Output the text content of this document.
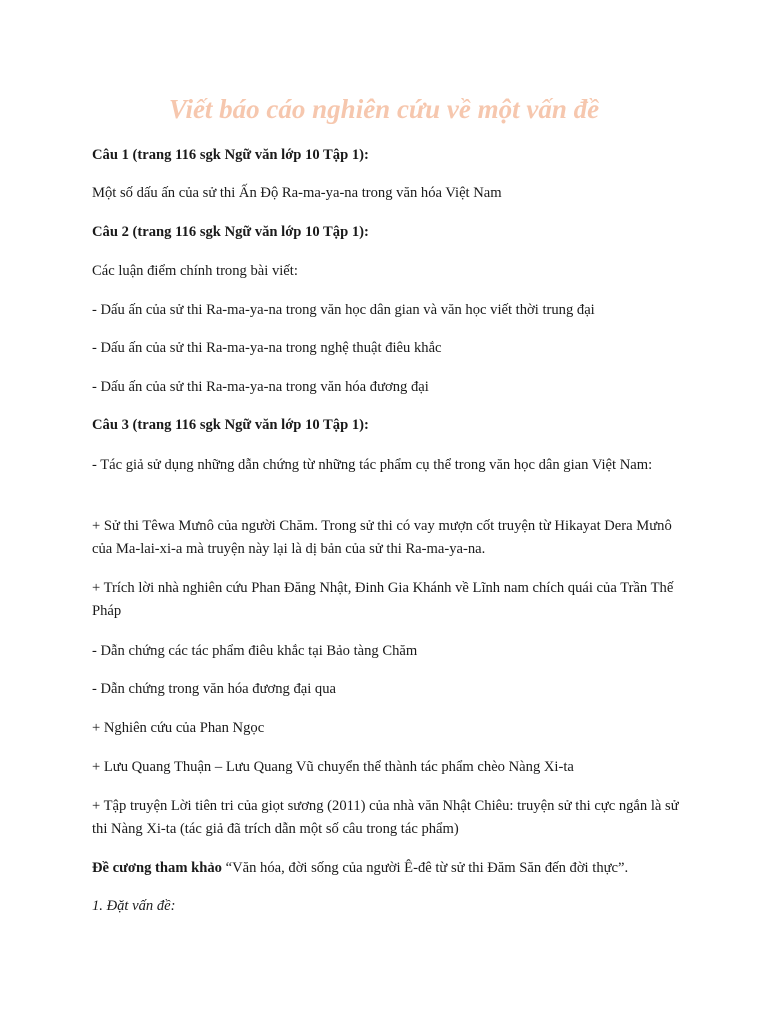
Viết báo cáo nghiên cứu về một vấn đề

Câu 1 (trang 116 sgk Ngữ văn lớp 10 Tập 1):

Một số dấu ấn của sử thi Ấn Độ Ra-ma-ya-na trong văn hóa Việt Nam

Câu 2 (trang 116 sgk Ngữ văn lớp 10 Tập 1):

Các luận điểm chính trong bài viết:

- Dấu ấn của sử thi Ra-ma-ya-na trong văn học dân gian và văn học viết thời trung đại

- Dấu ấn của sử thi Ra-ma-ya-na trong nghệ thuật điêu khắc

- Dấu ấn của sử thi Ra-ma-ya-na trong văn hóa đương đại

Câu 3 (trang 116 sgk Ngữ văn lớp 10 Tập 1):

- Tác giả sử dụng những dẫn chứng từ những tác phẩm cụ thể trong văn học dân gian Việt Nam:

+ Sử thi Têwa Mưnô của người Chăm. Trong sử thi có vay mượn cốt truyện từ Hikayat Dera Mưnô của Ma-lai-xi-a mà truyện này lại là dị bản của sử thi Ra-ma-ya-na.

+ Trích lời nhà nghiên cứu Phan Đăng Nhật, Đinh Gia Khánh về Lĩnh nam chích quái của Trần Thế Pháp

- Dẫn chứng các tác phẩm điêu khắc tại Bảo tàng Chăm

- Dẫn chứng trong văn hóa đương đại qua

+ Nghiên cứu của Phan Ngọc

+ Lưu Quang Thuận – Lưu Quang Vũ chuyển thể thành tác phẩm chèo Nàng Xi-ta

+ Tập truyện Lời tiên tri của giọt sương (2011) của nhà văn Nhật Chiêu: truyện sử thi cực ngắn là sử thi Nàng Xi-ta (tác giả đã trích dẫn một số câu trong tác phẩm)

Đề cương tham khảo “Văn hóa, đời sống của người Ê-đê từ sử thi Đăm Săn đến đời thực”.

1. Đặt vấn đề:
